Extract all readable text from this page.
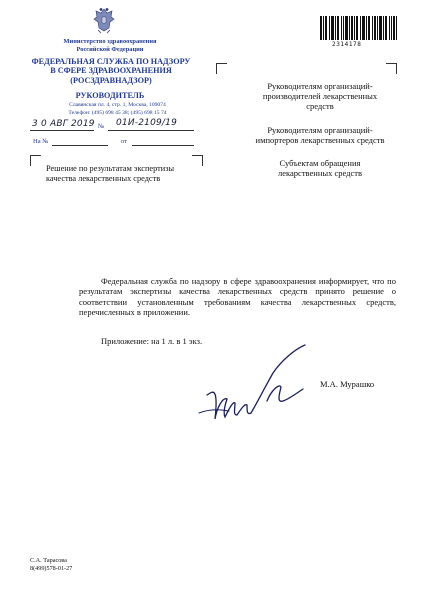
Министерство здравоохранения
Российской Федерации
ФЕДЕРАЛЬНАЯ СЛУЖБА ПО НАДЗОРУ
В СФЕРЕ ЗДРАВООХРАНЕНИЯ
(РОСЗДРАВНАДЗОР)
РУКОВОДИТЕЛЬ
Славянская пл. 4, стр. 1, Москва, 109074
Телефон: (495) 698 45 38; (495) 698 15 74
3 0 АВГ 2019 № 01И-2109/19
На №	от
Решение по результатам экспертизы
качества лекарственных средств
2314178
Руководителям организаций-
производителей лекарственных
средств
Руководителям организаций-
импортеров лекарственных средств
Субъектам обращения
лекарственных средств
Федеральная служба по надзору в сфере здравоохранения информирует, что по результатам экспертизы качества лекарственных средств принято решение о соответствии установленным требованиям качества лекарственных средств, перечисленных в приложении.
Приложение: на 1 л. в 1 экз.
М.А. Мурашко
С.А. Тарасова
8(499)578-01-27
